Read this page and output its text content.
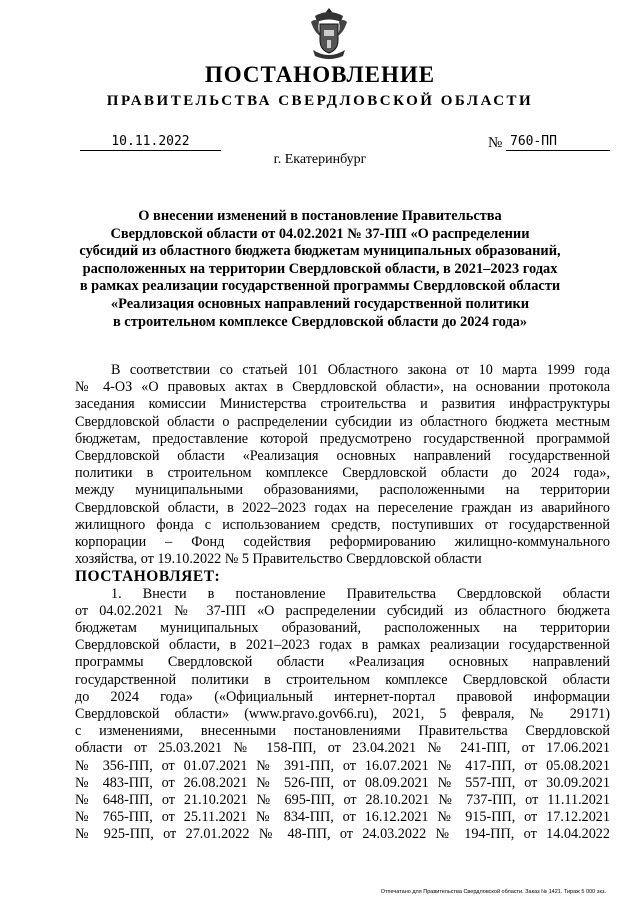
ПОСТАНОВЛЕНИЕ
ПРАВИТЕЛЬСТВА СВЕРДЛОВСКОЙ ОБЛАСТИ
10.11.2022	№ 760-ПП
г. Екатеринбург
О внесении изменений в постановление Правительства
Свердловской области от 04.02.2021 № 37-ПП «О распределении
субсидий из областного бюджета бюджетам муниципальных образований,
расположенных на территории Свердловской области, в 2021–2023 годах
в рамках реализации государственной программы Свердловской области
«Реализация основных направлений государственной политики
в строительном комплексе Свердловской области до 2024 года»
В соответствии со статьей 101 Областного закона от 10 марта 1999 года
№ 4-ОЗ «О правовых актах в Свердловской области», на основании протокола
заседания комиссии Министерства строительства и развития инфраструктуры
Свердловской области о распределении субсидии из областного бюджета местным
бюджетам, предоставление которой предусмотрено государственной программой
Свердловской области «Реализация основных направлений государственной
политики в строительном комплексе Свердловской области до 2024 года»,
между муниципальными образованиями, расположенными на территории
Свердловской области, в 2022–2023 годах на переселение граждан из аварийного
жилищного фонда с использованием средств, поступивших от государственной
корпорации – Фонд содействия реформированию жилищно-коммунального
хозяйства, от 19.10.2022 № 5 Правительство Свердловской области
ПОСТАНОВЛЯЕТ:
1. Внести в постановление Правительства Свердловской области
от 04.02.2021 № 37-ПП «О распределении субсидий из областного бюджета
бюджетам муниципальных образований, расположенных на территории
Свердловской области, в 2021–2023 годах в рамках реализации государственной
программы Свердловской области «Реализация основных направлений
государственной политики в строительном комплексе Свердловской области
до 2024 года» («Официальный интернет-портал правовой информации
Свердловской области» (www.pravo.gov66.ru), 2021, 5 февраля, № 29171)
с изменениями, внесенными постановлениями Правительства Свердловской
области от 25.03.2021 № 158-ПП, от 23.04.2021 № 241-ПП, от 17.06.2021
№ 356-ПП, от 01.07.2021 № 391-ПП, от 16.07.2021 № 417-ПП, от 05.08.2021
№ 483-ПП, от 26.08.2021 № 526-ПП, от 08.09.2021 № 557-ПП, от 30.09.2021
№ 648-ПП, от 21.10.2021 № 695-ПП, от 28.10.2021 № 737-ПП, от 11.11.2021
№ 765-ПП, от 25.11.2021 № 834-ПП, от 16.12.2021 № 915-ПП, от 17.12.2021
№ 925-ПП, от 27.01.2022 № 48-ПП, от 24.03.2022 № 194-ПП, от 14.04.2022
Отпечатано для Правительства Свердловской области. Заказ № 1421. Тираж 5 000 экз.
